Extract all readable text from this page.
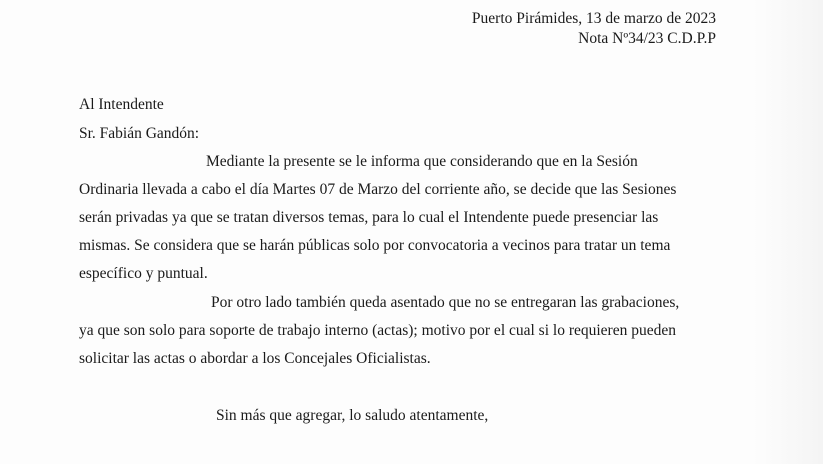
Puerto Pirámides, 13 de marzo de 2023
Nota Nº34/23 C.D.P.P
Al Intendente
Sr. Fabián Gandón:
Mediante la presente se le informa que considerando que en la Sesión
Ordinaria llevada a cabo el día Martes 07 de Marzo del corriente año, se decide que las Sesiones
serán privadas ya que se tratan diversos temas, para lo cual el Intendente puede presenciar las
mismas. Se considera que se harán públicas solo por convocatoria a vecinos para tratar un tema
específico y puntual.
Por otro lado también queda asentado que no se entregaran las grabaciones,
ya que son solo para soporte de trabajo interno (actas); motivo por el cual si lo requieren pueden
solicitar las actas o abordar a los Concejales Oficialistas.
Sin más que agregar, lo saludo atentamente,
